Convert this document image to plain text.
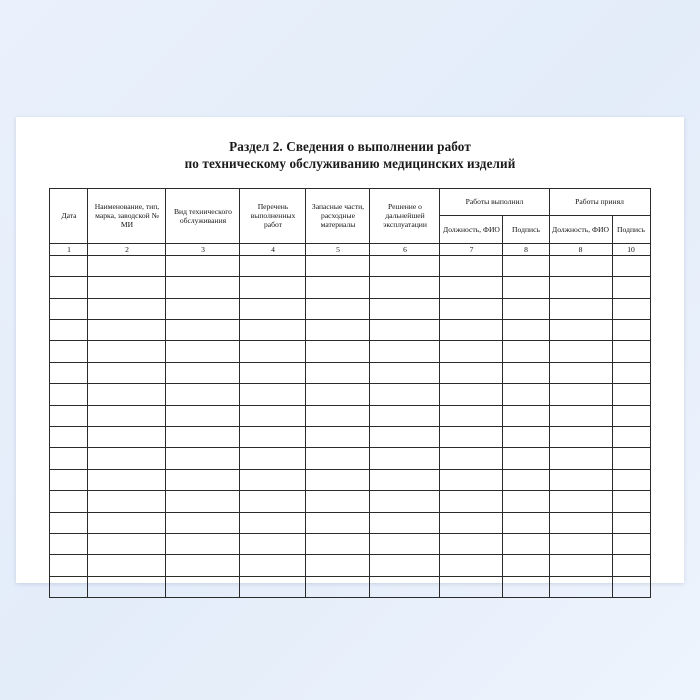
Раздел 2. Сведения о выполнении работ
по техническому обслуживанию медицинских изделий
Дата	Наименование, тип, марка, заводской № МИ	Вид технического обслуживания	Перечень выполненных работ	Запасные части, расходные материалы	Решение о дальнейшей эксплуатации	Работы выполнил		Работы принял	
						Должность, ФИО	Подпись	Должность, ФИО	Подпись
1	2	3	4	5	6	7	8	8	10
